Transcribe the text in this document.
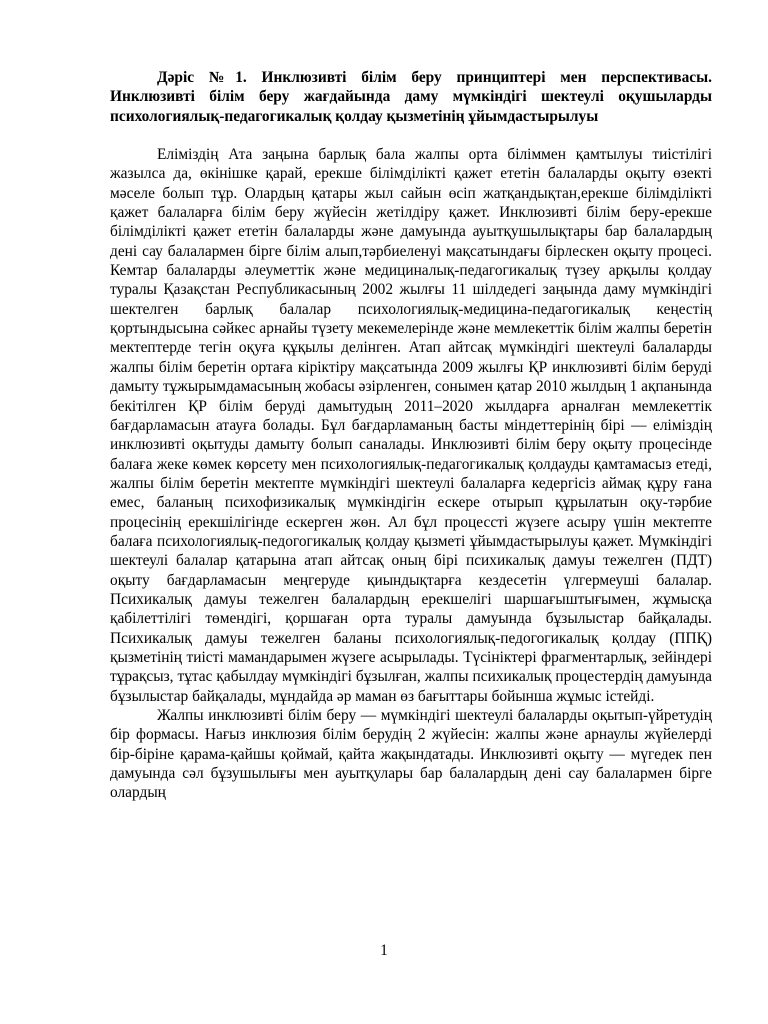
Дәріс №1. Инклюзивті білім беру принциптері мен перспективасы. Инклюзивті білім беру жағдайында даму мүмкіндігі шектеулі оқушыларды психологиялық-педагогикалық қолдау қызметінің ұйымдастырылуы

Еліміздің Ата заңына барлық бала жалпы орта біліммен қамтылуы тиістілігі жазылса да, өкінішке қарай, ерекше білімділікті қажет ететін балаларды оқыту өзекті мәселе болып тұр. Олардың қатары жыл сайын өсіп жатқандықтан,ерекше білімділікті қажет балаларға білім беру жүйесін жетілдіру қажет. Инклюзивті білім беру-ерекше білімділікті қажет ететін балаларды және дамуында ауытқушылықтары бар балалардың дені сау балалармен бірге білім алып,тәрбиеленуі мақсатындағы бірлескен оқыту процесі. Кемтар балаларды әлеуметтік және медициналық-педагогикалық түзеу арқылы қолдау туралы Қазақстан Республикасының 2002 жылғы 11 шілдедегі заңында даму мүмкіндігі шектелген барлық балалар психологиялық-медицина-педагогикалық кеңестің қортындысына сәйкес арнайы түзету мекемелерінде және мемлекеттік білім жалпы беретін мектептерде тегін оқуға құқылы делінген. Атап айтсақ мүмкіндігі шектеулі балаларды жалпы білім беретін ортаға кіріктіру мақсатында 2009 жылғы ҚР инклюзивті білім беруді дамыту тұжырымдамасының жобасы әзірленген, сонымен қатар 2010 жылдың 1 ақпанында бекітілген ҚР білім беруді дамытудың 2011–2020 жылдарға арналған мемлекеттік бағдарламасын атауға болады. Бұл бағдарламаның басты міндеттерінің бірі — еліміздің инклюзивті оқытуды дамыту болып саналады. Инклюзивті білім беру оқыту процесінде балаға жеке көмек көрсету мен психологиялық-педагогикалық қолдауды қамтамасыз етеді, жалпы білім беретін мектепте мүмкіндігі шектеулі балаларға кедергісіз аймақ құру ғана емес, баланың психофизикалық мүмкіндігін ескере отырып құрылатын оқу-тәрбие процесінің ерекшілігінде ескерген жөн. Ал бұл процессті жүзеге асыру үшін мектепте балаға психологиялық-педогогикалық қолдау қызметі ұйымдастырылуы қажет. Мүмкіндігі шектеулі балалар қатарына атап айтсақ оның бірі психикалық дамуы тежелген (ПДТ) оқыту бағдарламасын меңгеруде қиындықтарға кездесетін үлгермеуші балалар. Психикалық дамуы тежелген балалардың ерекшелігі шаршағыштығымен, жұмысқа қабілеттілігі төмендігі, қоршаған орта туралы дамуында бұзылыстар байқалады. Психикалық дамуы тежелген баланы психологиялық-педогогикалық қолдау (ППҚ) қызметінің тиісті мамандарымен жүзеге асырылады. Түсініктері фрагментарлық, зейіндері тұрақсыз, тұтас қабылдау мүмкіндігі бұзылған, жалпы психикалық процестердің дамуында бұзылыстар байқалады, мұндайда әр маман өз бағыттары бойынша жұмыс істейді.

Жалпы инклюзивті білім беру — мүмкіндігі шектеулі балаларды оқытып-үйретудің бір формасы. Нағыз инклюзия білім берудің 2 жүйесін: жалпы және арнаулы жүйелерді бір-біріне қарама-қайшы қоймай, қайта жақындатады. Инклюзивті оқыту — мүгедек пен дамуында сәл бұзушылығы мен ауытқулары бар балалардың дені сау балалармен бірге олардың

1
